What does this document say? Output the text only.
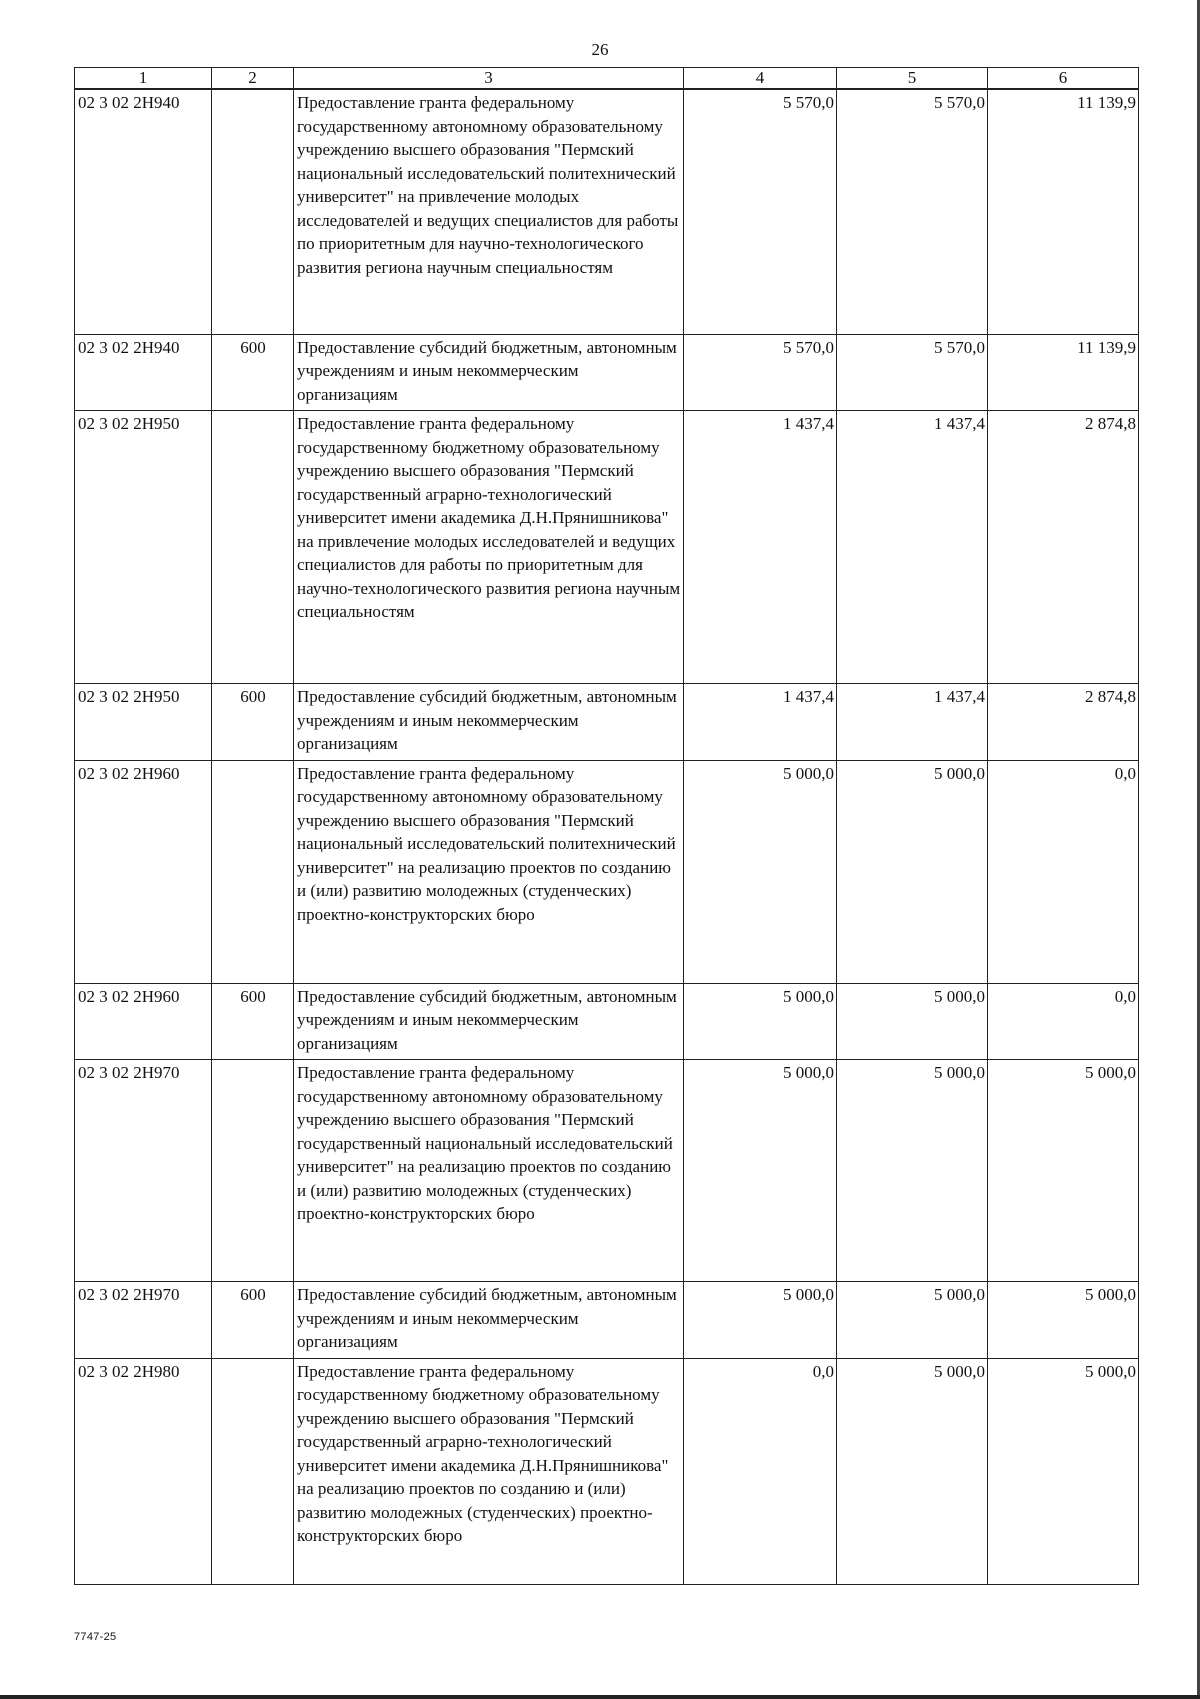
26
1	2	3	4	5	6
02 3 02 2Н940		Предоставление гранта федеральному государственному автономному образовательному учреждению высшего образования "Пермский национальный исследовательский политехнический университет" на привлечение молодых исследователей и ведущих специалистов для работы по приоритетным для научно-технологического развития региона научным специальностям	5 570,0	5 570,0	11 139,9
02 3 02 2Н940	600	Предоставление субсидий бюджетным, автономным учреждениям и иным некоммерческим организациям	5 570,0	5 570,0	11 139,9
02 3 02 2Н950		Предоставление гранта федеральному государственному бюджетному образовательному учреждению высшего образования "Пермский государственный аграрно-технологический университет имени академика Д.Н.Прянишникова" на привлечение молодых исследователей и ведущих специалистов для работы по приоритетным для научно-технологического развития региона научным специальностям	1 437,4	1 437,4	2 874,8
02 3 02 2Н950	600	Предоставление субсидий бюджетным, автономным учреждениям и иным некоммерческим организациям	1 437,4	1 437,4	2 874,8
02 3 02 2Н960		Предоставление гранта федеральному государственному автономному образовательному учреждению высшего образования "Пермский национальный исследовательский политехнический университет" на реализацию проектов по созданию и (или) развитию молодежных (студенческих) проектно-конструкторских бюро	5 000,0	5 000,0	0,0
02 3 02 2Н960	600	Предоставление субсидий бюджетным, автономным учреждениям и иным некоммерческим организациям	5 000,0	5 000,0	0,0
02 3 02 2Н970		Предоставление гранта федеральному государственному автономному образовательному учреждению высшего образования "Пермский государственный национальный исследовательский университет" на реализацию проектов по созданию и (или) развитию молодежных (студенческих) проектно-конструкторских бюро	5 000,0	5 000,0	5 000,0
02 3 02 2Н970	600	Предоставление субсидий бюджетным, автономным учреждениям и иным некоммерческим организациям	5 000,0	5 000,0	5 000,0
02 3 02 2Н980		Предоставление гранта федеральному государственному бюджетному образовательному учреждению высшего образования "Пермский государственный аграрно-технологический университет имени академика Д.Н.Прянишникова" на реализацию проектов по созданию и (или) развитию молодежных (студенческих) проектно-конструкторских бюро	0,0	5 000,0	5 000,0
7747-25
